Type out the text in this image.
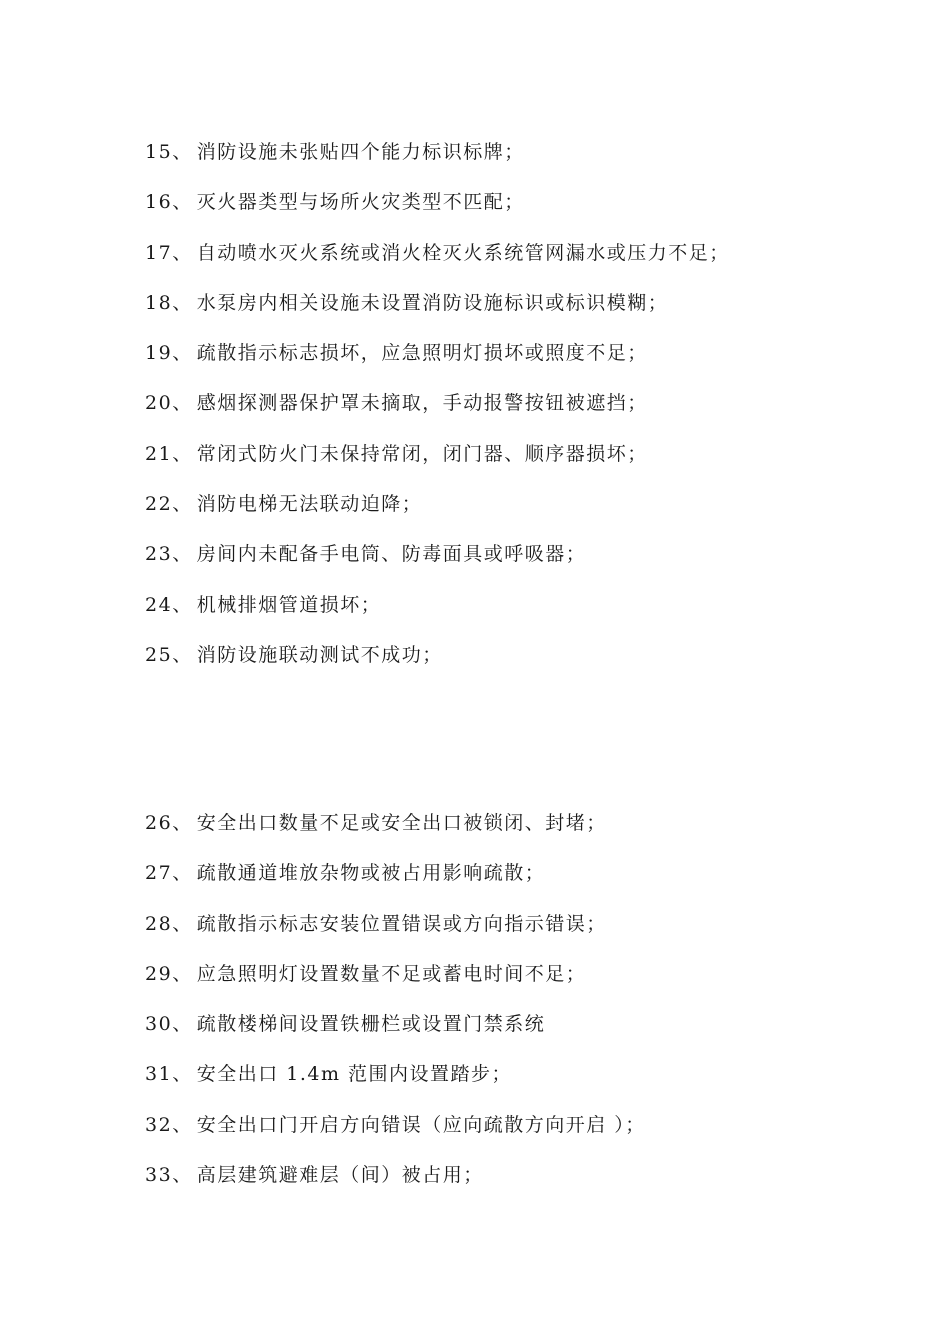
15、 消防设施未张贴四个能力标识标牌；
16、 灭火器类型与场所火灾类型不匹配；
17、 自动喷水灭火系统或消火栓灭火系统管网漏水或压力不足；
18、 水泵房内相关设施未设置消防设施标识或标识模糊；
19、 疏散指示标志损坏，应急照明灯损坏或照度不足；
20、 感烟探测器保护罩未摘取，手动报警按钮被遮挡；
21、 常闭式防火门未保持常闭，闭门器、顺序器损坏；
22、 消防电梯无法联动迫降；
23、 房间内未配备手电筒、防毒面具或呼吸器；
24、 机械排烟管道损坏；
25、 消防设施联动测试不成功；
26、 安全出口数量不足或安全出口被锁闭、封堵；
27、 疏散通道堆放杂物或被占用影响疏散；
28、 疏散指示标志安装位置错误或方向指示错误；
29、 应急照明灯设置数量不足或蓄电时间不足；
30、 疏散楼梯间设置铁栅栏或设置门禁系统
31、 安全出口 1.4m 范围内设置踏步；
32、 安全出口门开启方向错误（应向疏散方向开启 ）；
33、 高层建筑避难层（间）被占用；
